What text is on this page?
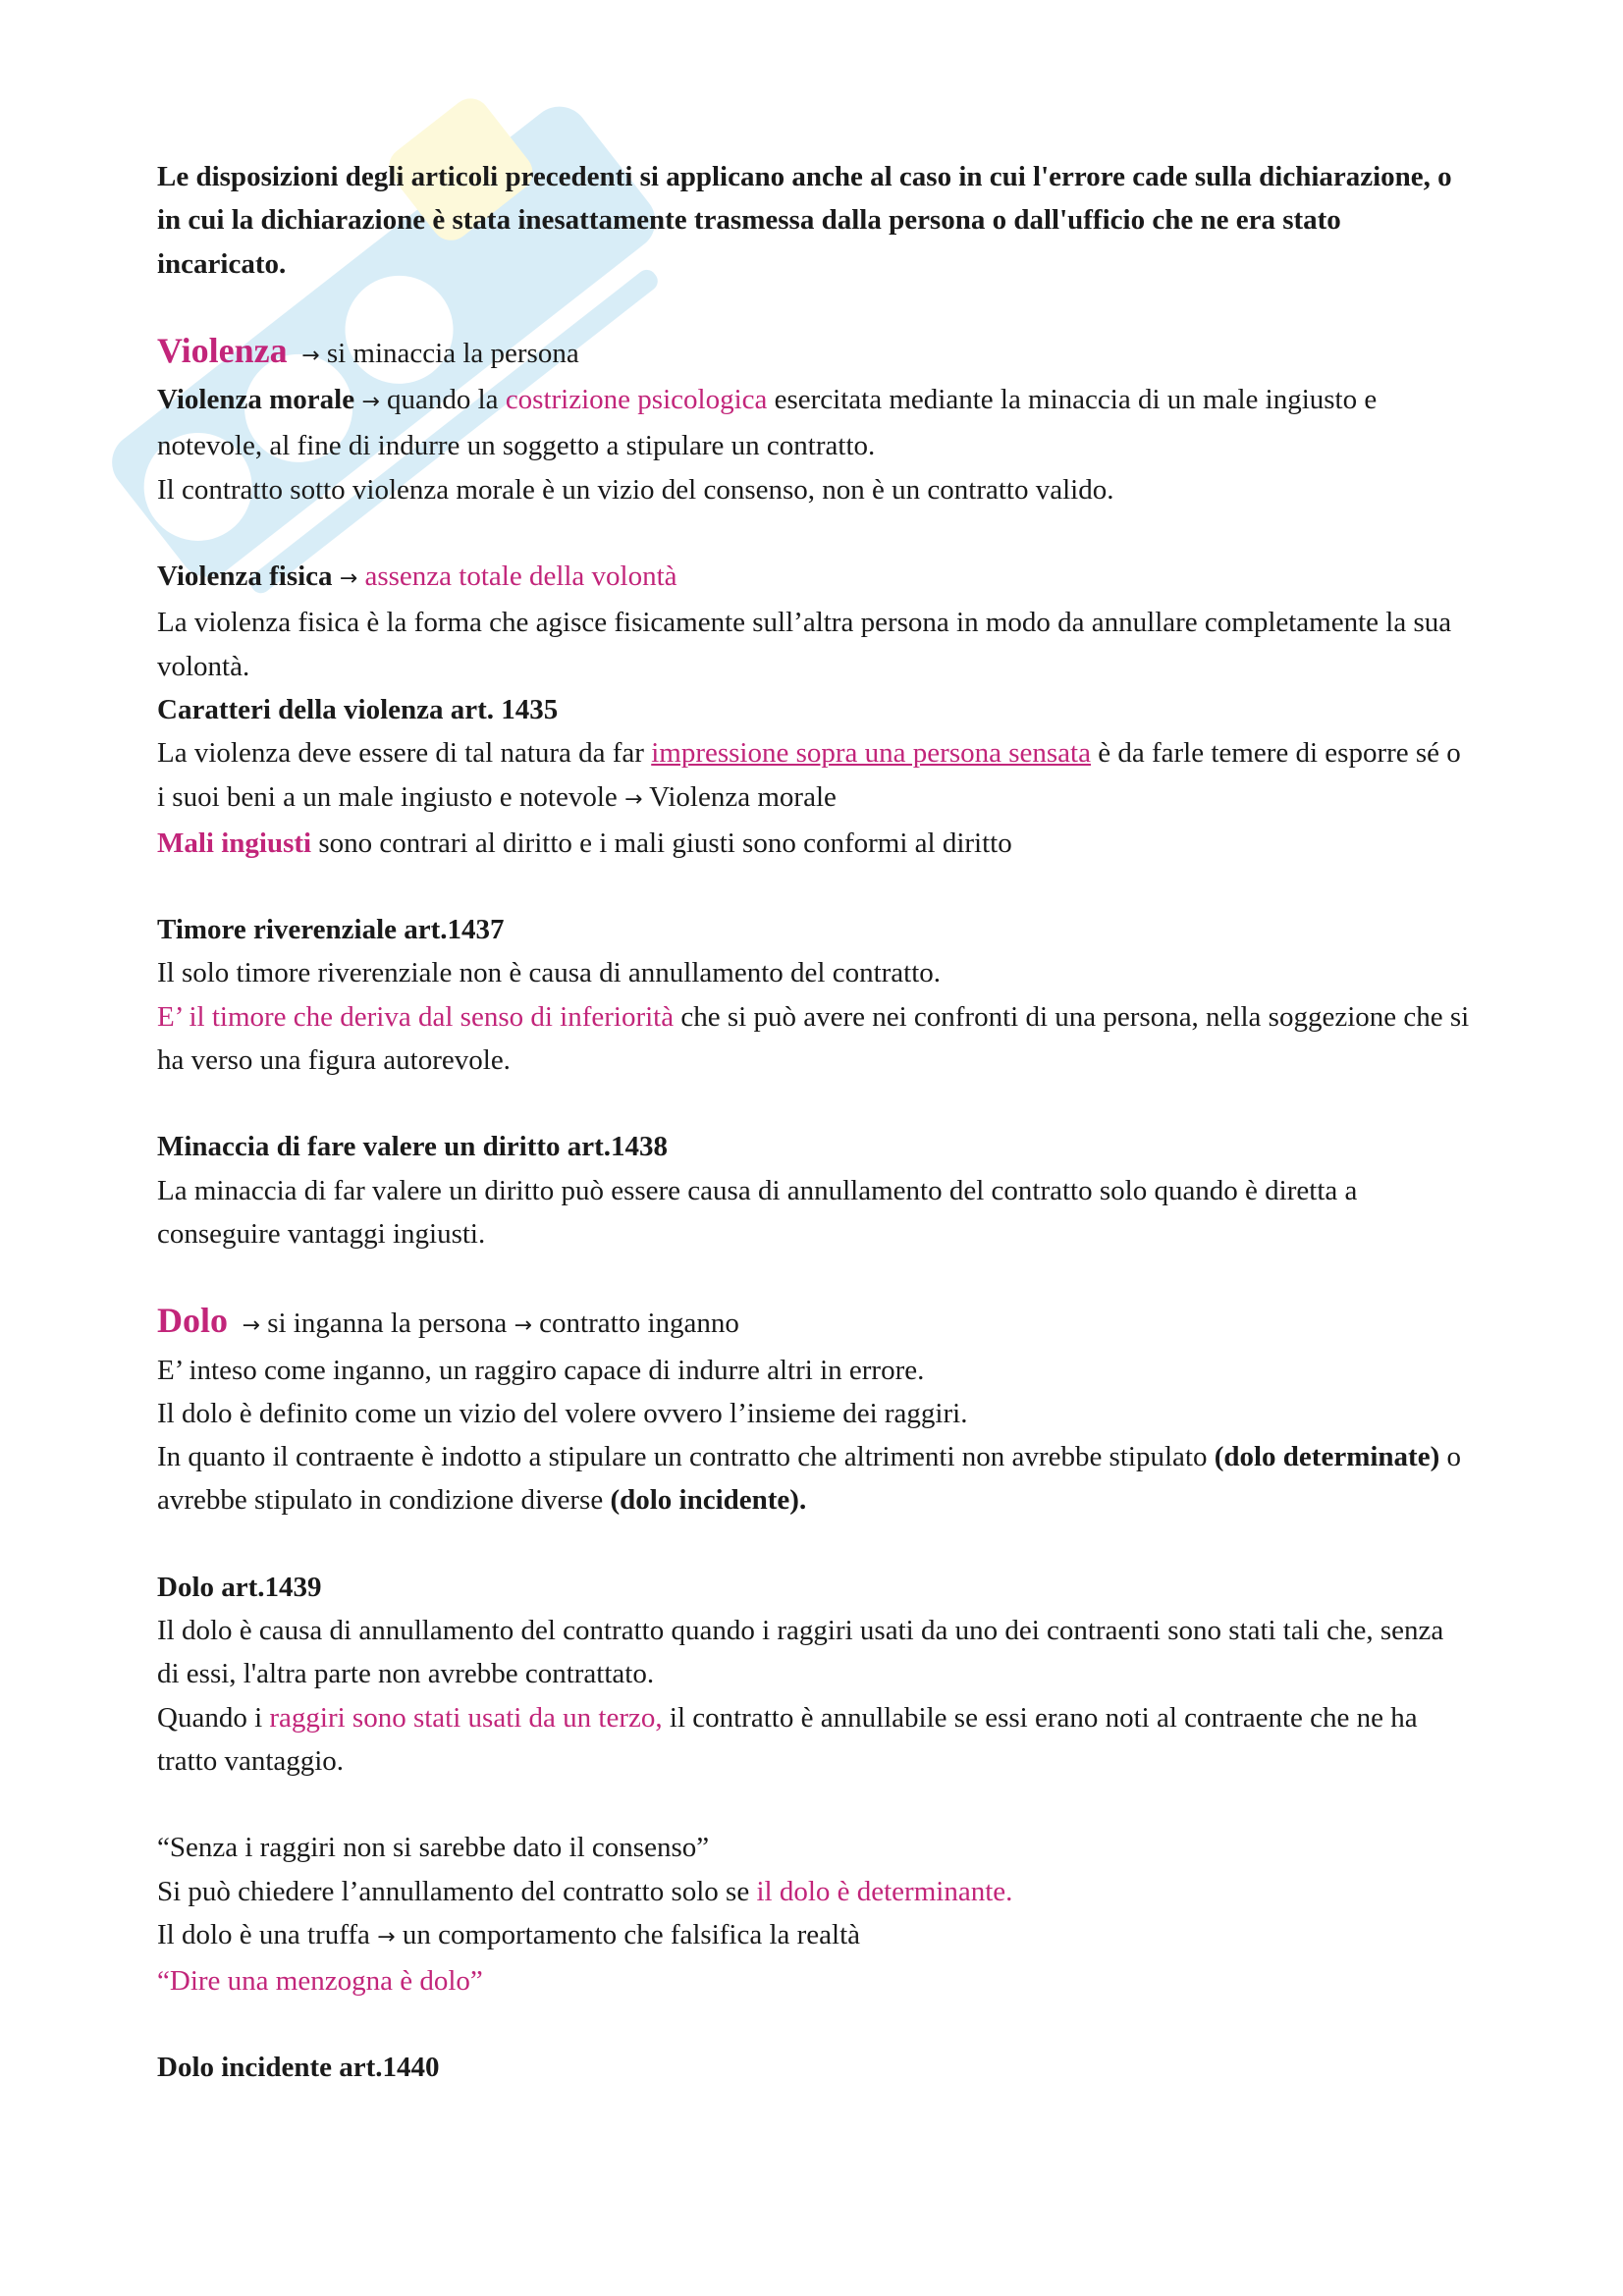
Le disposizioni degli articoli precedenti si applicano anche al caso in cui l'errore cade sulla dichiarazione, o in cui la dichiarazione è stata inesattamente trasmessa dalla persona o dall'ufficio che ne era stato incaricato.

Violenza → si minaccia la persona

Violenza morale → quando la costrizione psicologica esercitata mediante la minaccia di un male ingiusto e notevole, al fine di indurre un soggetto a stipulare un contratto.

Il contratto sotto violenza morale è un vizio del consenso, non è un contratto valido.

Violenza fisica → assenza totale della volontà

La violenza fisica è la forma che agisce fisicamente sull’altra persona in modo da annullare completamente la sua volontà.

Caratteri della violenza art. 1435

La violenza deve essere di tal natura da far impressione sopra una persona sensata è da farle temere di esporre sé o i suoi beni a un male ingiusto e notevole → Violenza morale

Mali ingiusti sono contrari al diritto e i mali giusti sono conformi al diritto

Timore riverenziale art.1437

Il solo timore riverenziale non è causa di annullamento del contratto.

E’ il timore che deriva dal senso di inferiorità che si può avere nei confronti di una persona, nella soggezione che si ha verso una figura autorevole.

Minaccia di fare valere un diritto art.1438

La minaccia di far valere un diritto può essere causa di annullamento del contratto solo quando è diretta a conseguire vantaggi ingiusti.

Dolo → si inganna la persona → contratto inganno

E’ inteso come inganno, un raggiro capace di indurre altri in errore.

Il dolo è definito come un vizio del volere ovvero l’insieme dei raggiri.

In quanto il contraente è indotto a stipulare un contratto che altrimenti non avrebbe stipulato (dolo determinate) o avrebbe stipulato in condizione diverse (dolo incidente).

Dolo art.1439

Il dolo è causa di annullamento del contratto quando i raggiri usati da uno dei contraenti sono stati tali che, senza di essi, l'altra parte non avrebbe contrattato.

Quando i raggiri sono stati usati da un terzo, il contratto è annullabile se essi erano noti al contraente che ne ha tratto vantaggio.

“Senza i raggiri non si sarebbe dato il consenso”

Si può chiedere l’annullamento del contratto solo se il dolo è determinante.

Il dolo è una truffa → un comportamento che falsifica la realtà

“Dire una menzogna è dolo”

Dolo incidente art.1440
